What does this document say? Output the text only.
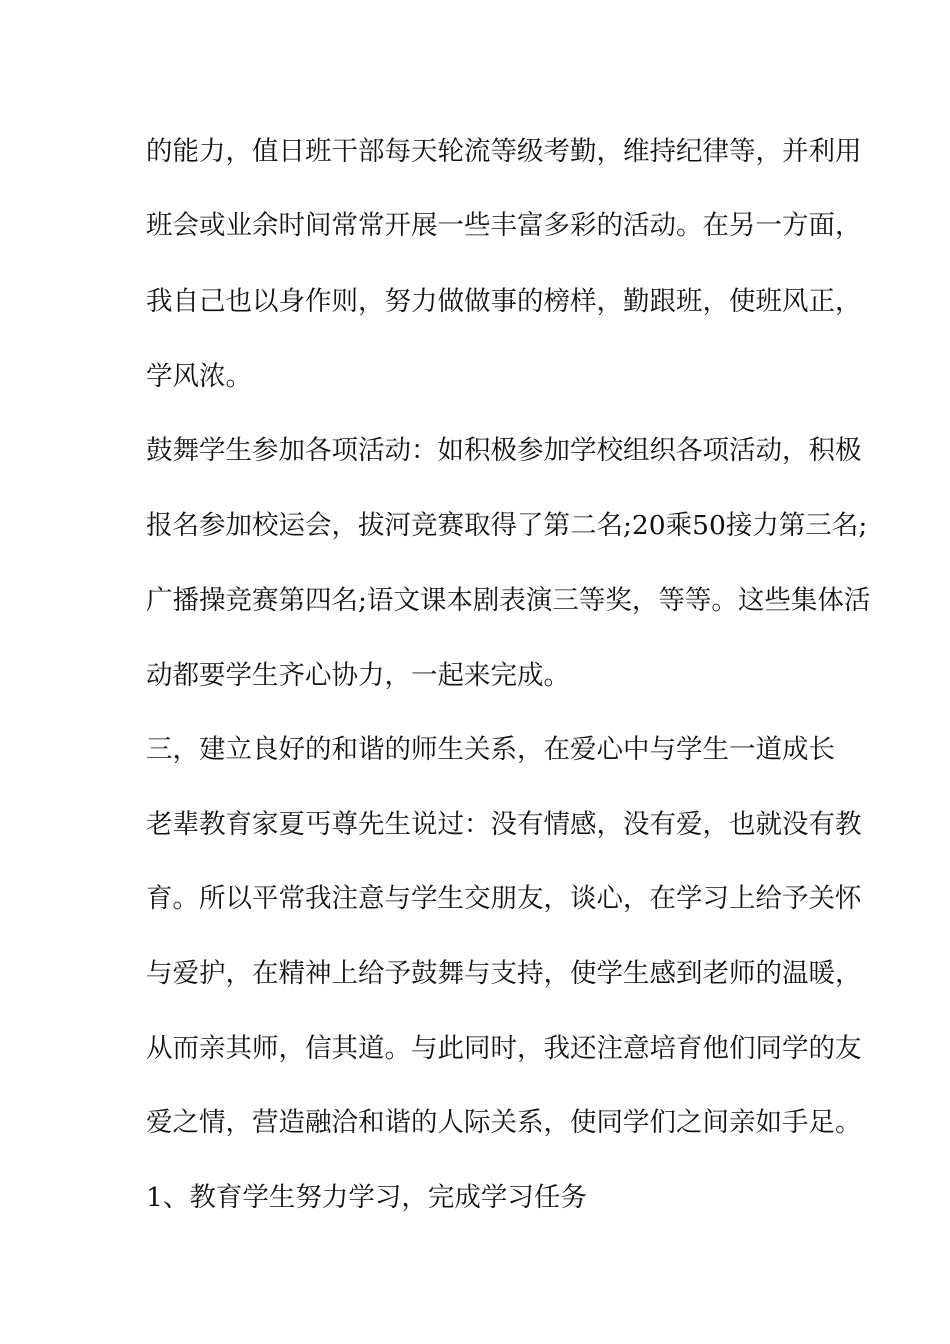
的能力，值日班干部每天轮流等级考勤，维持纪律等，并利用
班会或业余时间常常开展一些丰富多彩的活动。在另一方面，
我自己也以身作则，努力做做事的榜样，勤跟班，使班风正，
学风浓。
鼓舞学生参加各项活动：如积极参加学校组织各项活动，积极
报名参加校运会，拔河竞赛取得了第二名;20乘50接力第三名;
广播操竞赛第四名;语文课本剧表演三等奖，等等。这些集体活
动都要学生齐心协力，一起来完成。
三，建立良好的和谐的师生关系，在爱心中与学生一道成长
老辈教育家夏丐尊先生说过：没有情感，没有爱，也就没有教
育。所以平常我注意与学生交朋友，谈心，在学习上给予关怀
与爱护，在精神上给予鼓舞与支持，使学生感到老师的温暖，
从而亲其师，信其道。与此同时，我还注意培育他们同学的友
爱之情，营造融洽和谐的人际关系，使同学们之间亲如手足。
1、教育学生努力学习，完成学习任务
